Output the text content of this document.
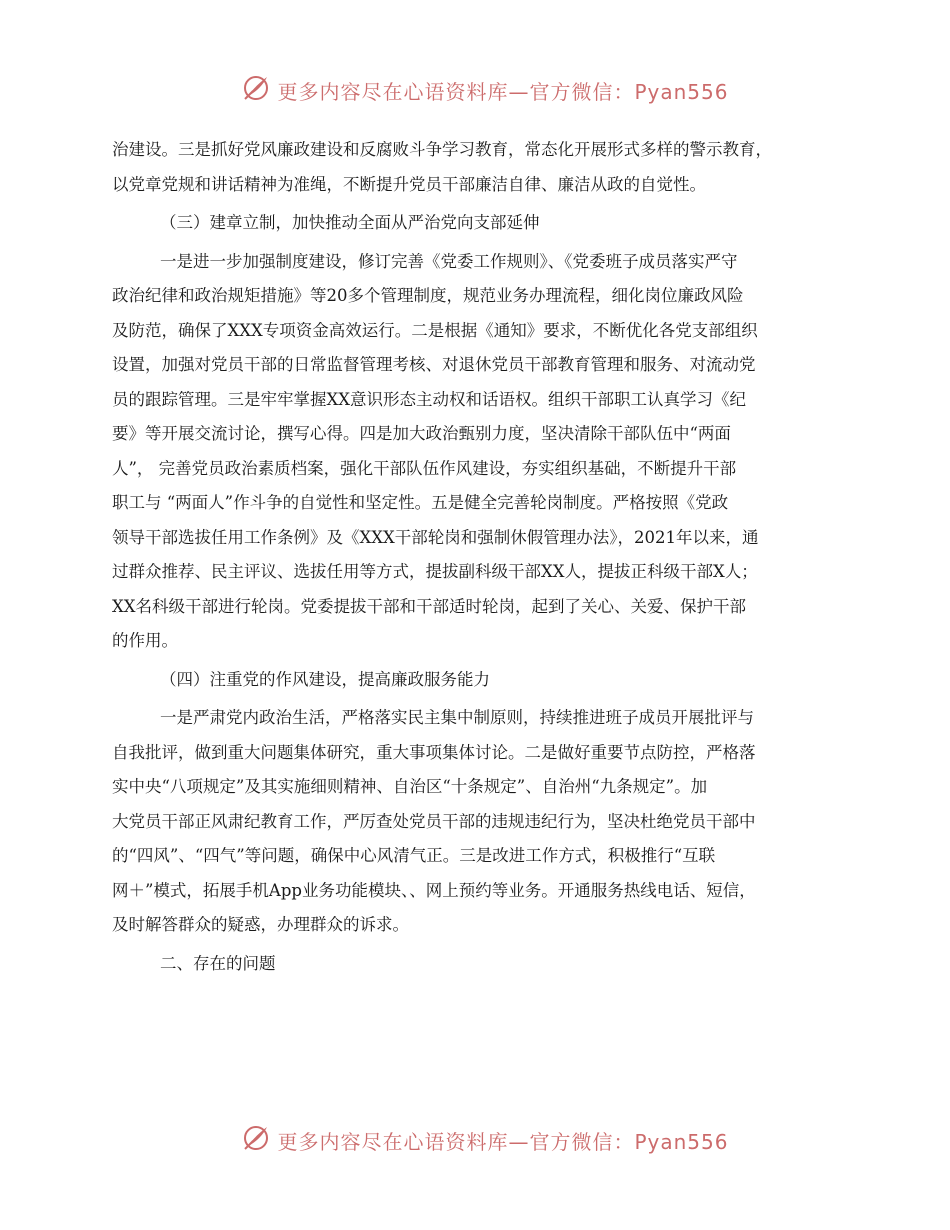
更多内容尽在心语资料库—官方微信：Pyan556

治建设。三是抓好党风廉政建设和反腐败斗争学习教育，常态化开展形式多样的警示教育，

以党章党规和讲话精神为准绳，不断提升党员干部廉洁自律、廉洁从政的自觉性。

（三）建章立制，加快推动全面从严治党向支部延伸

一是进一步加强制度建设，修订完善《党委工作规则》、《党委班子成员落实严守

政治纪律和政治规矩措施》等20多个管理制度，规范业务办理流程，细化岗位廉政风险

及防范，确保了XXX专项资金高效运行。二是根据《通知》要求，不断优化各党支部组织

设置，加强对党员干部的日常监督管理考核、对退休党员干部教育管理和服务、对流动党

员的跟踪管理。三是牢牢掌握XX意识形态主动权和话语权。组织干部职工认真学习《纪

要》等开展交流讨论，撰写心得。四是加大政治甄别力度，坚决清除干部队伍中“两面

人”， 完善党员政治素质档案，强化干部队伍作风建设，夯实组织基础，不断提升干部

职工与 “两面人”作斗争的自觉性和坚定性。五是健全完善轮岗制度。严格按照《党政

领导干部选拔任用工作条例》及《XXX干部轮岗和强制休假管理办法》，2021年以来，通

过群众推荐、民主评议、选拔任用等方式，提拔副科级干部XX人，提拔正科级干部X人；

XX名科级干部进行轮岗。党委提拔干部和干部适时轮岗，起到了关心、关爱、保护干部

的作用。

（四）注重党的作风建设，提高廉政服务能力

一是严肃党内政治生活，严格落实民主集中制原则，持续推进班子成员开展批评与

自我批评，做到重大问题集体研究，重大事项集体讨论。二是做好重要节点防控，严格落

实中央“八项规定”及其实施细则精神、自治区“十条规定”、自治州“九条规定”。加

大党员干部正风肃纪教育工作，严厉查处党员干部的违规违纪行为，坚决杜绝党员干部中

的“四风”、“四气”等问题，确保中心风清气正。三是改进工作方式，积极推行“互联

网＋”模式，拓展手机App业务功能模块、、网上预约等业务。开通服务热线电话、短信，

及时解答群众的疑惑，办理群众的诉求。

二、存在的问题

更多内容尽在心语资料库—官方微信：Pyan556
